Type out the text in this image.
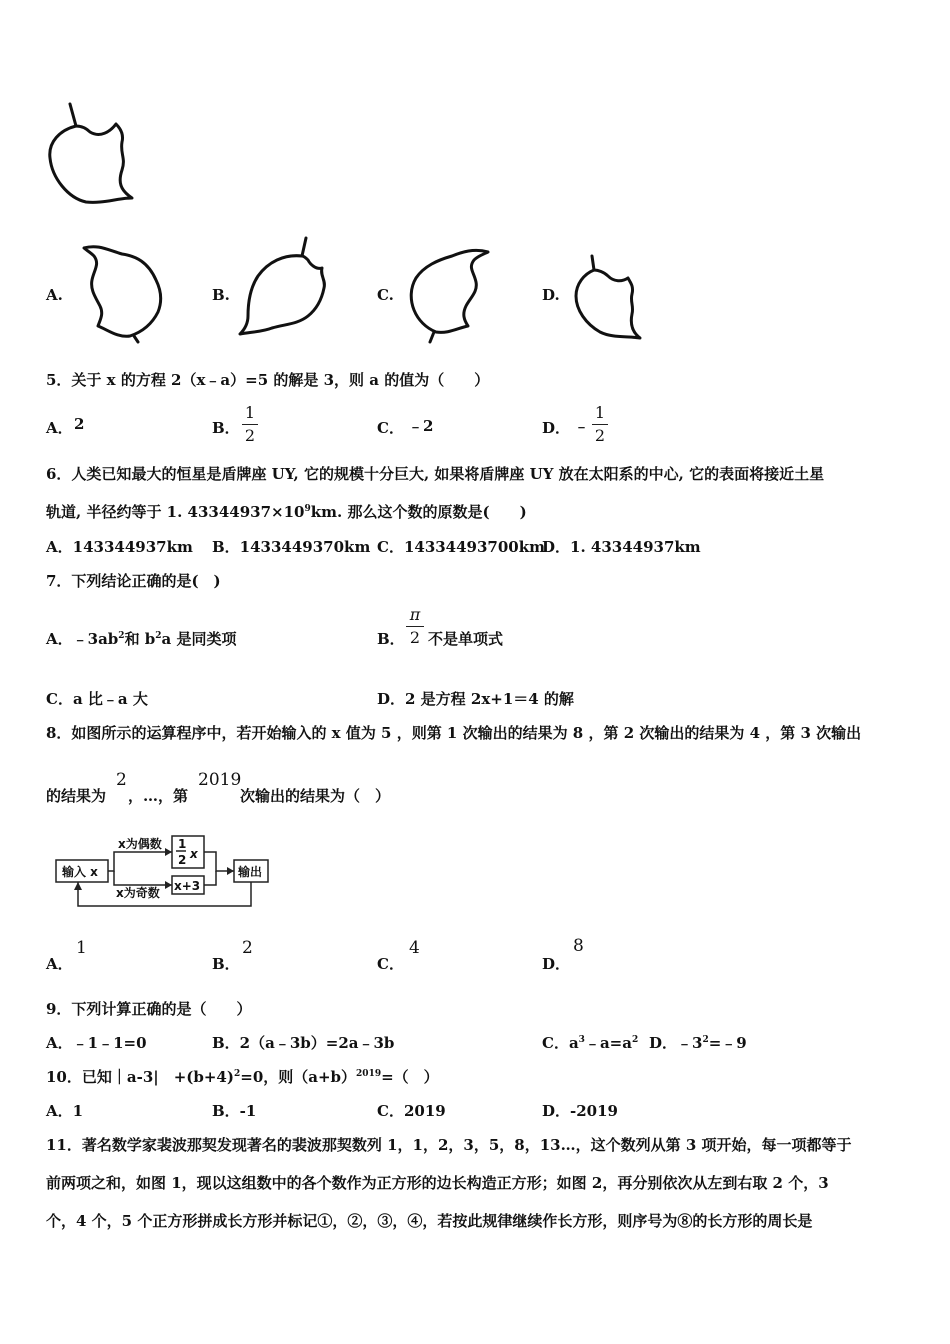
A.	B.	C.	D.
5．关于 x 的方程 2（x﹣a）=5 的解是 3，则 a 的值为（　　）
A． 2	B．
1
2	C． ﹣2	D． ﹣
1
2
6．人类已知最大的恒星是盾牌座 UY, 它的规模十分巨大, 如果将盾牌座 UY 放在太阳系的中心, 它的表面将接近土星
轨道, 半径约等于 1. $43344937\times 10^9km$. 那么这个数的原数是(　　)
A．143344937km B．1433449370km C．14334493700km
D．1. 43344937km
7．下列结论正确的是(　)
A．$﹣3ab^2$和 $b^2a$ 是同类项	B．
π
2 不是单项式
C．a 比﹣a 大	D．2 是方程 2x+1＝4 的解
8．如图所示的运算程序中，若开始输入的 x 值为 5 ，则第 1 次输出的结果为 8 ，第 2 次输出的结果为 4 ，第 3 次输出
的结果为
2
，…，第
2019
次输出的结果为（　）
输入 x
x为偶数
x为奇数
1
2 x
x+3
输出
A．
1
B．
2
C．
4
D．
8
9．下列计算正确的是（　　）
A．﹣1﹣1=0	B．2（a﹣3b）=2a﹣3b	C．$a^3﹣a=a^2$ D．$﹣3^2=﹣9$
10．已知｜a-3|　$+(b+4)^2=0$，则$(a+b)^{2019}=$（　）
A．1	B．-1	C．2019	D．-2019
11．著名数学家裴波那契发现著名的裴波那契数列 1，1，2，3，5，8，13…，这个数列从第 3 项开始，每一项都等于
前两项之和，如图 1，现以这组数中的各个数作为正方形的边长构造正方形；如图 2，再分别依次从左到右取 2 个，3
个，4 个，5 个正方形拼成长方形并标记①，②，③，④，若按此规律继续作长方形，则序号为⑧的长方形的周长是
